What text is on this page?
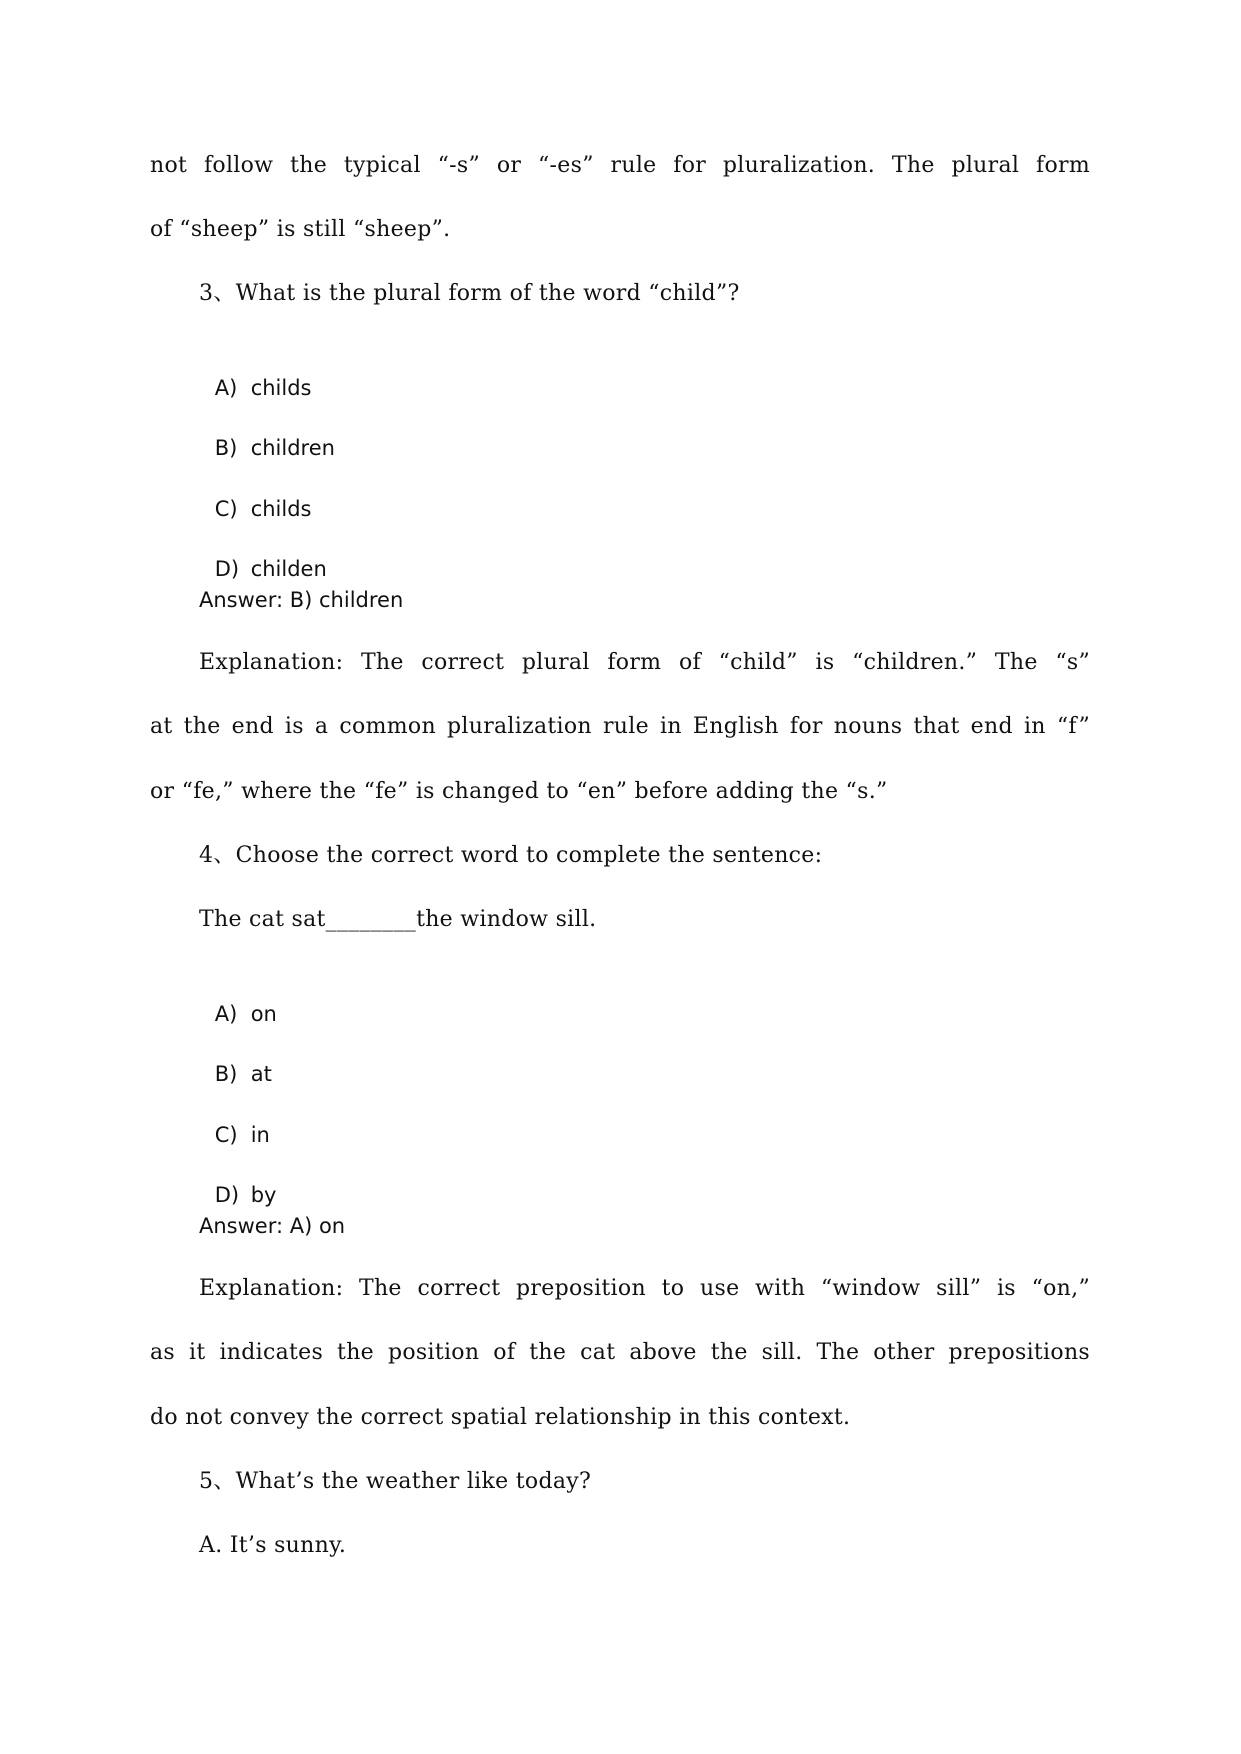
not follow the typical “-s” or “-es” rule for pluralization. The plural form
of “sheep” is still “sheep”.
3、What is the plural form of the word “child”?

A) childs

B) children

C) childs

D) childen

Answer: B) children
Explanation: The correct plural form of “child” is “children.” The “s”
at the end is a common pluralization rule in English for nouns that end in “f”
or “fe,” where the “fe” is changed to “en” before adding the “s.”
4、Choose the correct word to complete the sentence:
The cat sat________the window sill.

A) on

B) at

C) in

D) by

Answer: A) on
Explanation: The correct preposition to use with “window sill” is “on,”
as it indicates the position of the cat above the sill. The other prepositions
do not convey the correct spatial relationship in this context.
5、What’s the weather like today?
A. It’s sunny.
